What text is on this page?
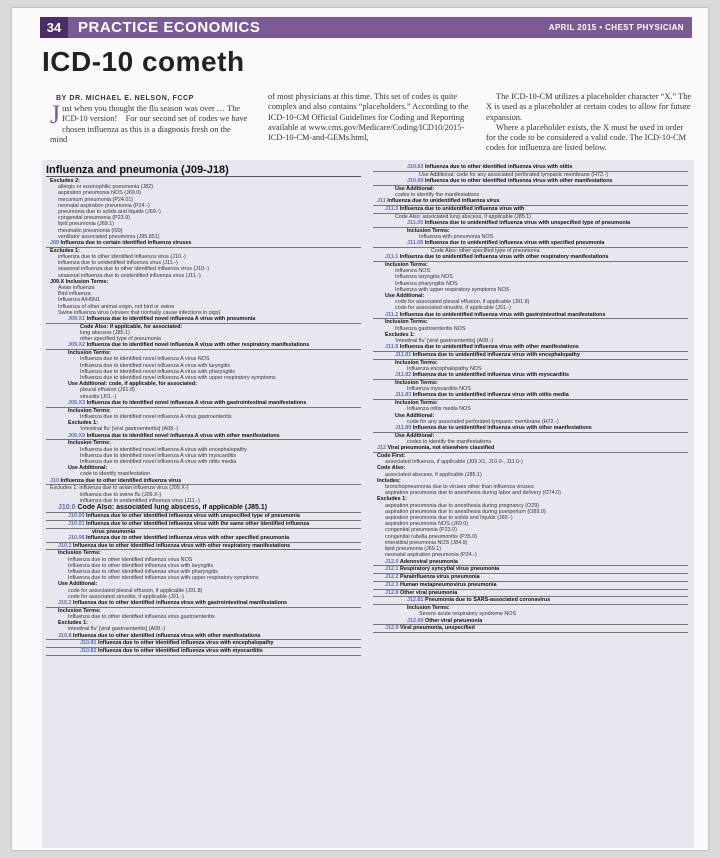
34	PRACTICE ECONOMICS	APRIL 2015 • CHEST PHYSICIAN
ICD-10 cometh
BY DR. MICHAEL E. NELSON, FCCP
J ust when you thought the flu season was over … The ICD-10 version! For our second set of codes we have chosen influenza as this is a diagnosis fresh on the mind

of most physicians at this time. This set of codes is quite complex and also contains “placeholders.” According to the ICD-10-CM Official Guidelines for Coding and Reporting available at www.cms.gov/Medicare/Coding/ICD10/2015-ICD-10-CM-and-GEMs.html,

The ICD-10-CM utilizes a placeholder character “X.” The X is used as a placeholder at certain codes to allow for future expansion.

Where a placeholder exists, the X must be used in order for the code to be considered a valid code. The ICD-10-CM codes for influenza are listed below.

Influenza and pneumonia (J09-J18)
Excludes 2:
allergic or eosinophilic pneumonia (J82)
aspiration pneumonia NOS (J69.0)
meconium pneumonia (P24.01)
neonatal aspiration pneumonia (P24.-)
pneumonia due to solids and liquids (J69.-)
congenital pneumonia (P23.9)
lipid pneumonia (J69.1)
rheumatic pneumonia (I00)
ventilator associated pneumonia (J95.851)
J09 Influenza due to certain identified influenza viruses
Excludes 1:
influenza due to other identified influenza virus (J10.-)
influenza due to unidentified influenza virus (J11.-)
seasonal influenza due to other identified influenza virus (J10.-)
seasonal influenza due to unidentified influenza virus (J11.-)
J09.X Inclusion Terms:
Avian influenza
Bird influenza
Influenza A/H5N1
Influenza of other animal origin, not bird or swine
Swine influenza virus (viruses that normally cause infections in pigs)
J09.X1 Influenza due to identified novel influenza A virus with pneumonia
Code Also: if applicable, for associated:
lung abscess (J85.1)
other specified type of pneumonia
J09.X2 Influenza due to identified novel influenza A virus with other respiratory manifestations
Inclusion Terms:
Influenza due to identified novel influenza A virus NOS
Influenza due to identified novel influenza A virus with laryngitis
Influenza due to identified novel influenza A virus with pharyngitis
Influenza due to identified novel influenza A virus with upper respiratory symptoms
Use Additional: code, if applicable, for associated:
pleural effusion (J91.8)
sinusitis (J01.-)
J09.X3 Influenza due to identified novel influenza A virus with gastrointestinal manifestations
Inclusion Terms:
Influenza due to identified novel influenza A virus gastroenteritis
Excludes 1:
'intestinal flu' [viral gastroenteritis] (A08.-)
J09.X9 Influenza due to identified novel influenza A virus with other manifestations
Inclusion Terms:
Influenza due to identified novel influenza A virus with encephalopathy
Influenza due to identified novel influenza A virus with myocarditis
Influenza due to identified novel influenza A virus with otitis media
Use Additional:
code to identify manifestation
J10 Influenza due to other identified influenza virus
Excludes 1: influenza due to avian influenza virus (J09.X-)
influenza due to swine flu (J09.X-)
influenza due to unidentified influenza virus (J11.-)
J10.0 Code Also: associated lung abscess, if applicable (J85.1)
J10.00 Influenza due to other identified influenza virus with unspecified type of pneumonia
J10.01 Influenza due to other identified influenza virus with the same other identified influenza
virus pneumonia
J10.08 Influenza due to other identified influenza virus with other specified pneumonia
J10.1 Influenza due to other identified influenza virus with other respiratory manifestations
Inclusion Terms:
Influenza due to other identified influenza virus NOS
Influenza due to other identified influenza virus with laryngitis
Influenza due to other identified influenza virus with pharyngitis
Influenza due to other identified influenza virus with upper respiratory symptoms
Use Additional:
code for associated pleural effusion, if applicable (J91.8)
code for associated sinusitis, if applicable (J01.-)
J10.2 Influenza due to other identified influenza virus with gastrointestinal manifestations
Inclusion Terms:
Influenza due to other identified influenza virus gastroenteritis
Excludes 1:
intestinal flu' [viral gastroenteritis] (A08.-)
J10.8 Influenza due to other identified influenza virus with other manifestations
J10.81 Influenza due to other identified influenza virus with encephalopathy
J10.82 Influenza due to other identified influenza virus with myocarditis
J10.83 Influenza due to other identified influenza virus with otitis
Use Additional: code for any associated perforated tympanic membrane (H72.-)
J10.89 Influenza due to other identified influenza virus with other manifestations
Use Additional:
codes to identify the manifestations
J11 Influenza due to unidentified influenza virus
J11.0 Influenza due to unidentified influenza virus with
Code Also: associated lung abscess, if applicable (J85.1)
J11.00 Influenza due to unidentified influenza virus with unspecified type of pneumonia
Inclusion Terms:
Influenza with pneumonia NOS
J11.08 Influenza due to unidentified influenza virus with specified pneumonia
Code Also: other specified type of pneumonia
J11.1 Influenza due to unidentified influenza virus with other respiratory manifestations
Inclusion Terms:
Influenza NOS
Influenza laryngitis NOS
Influenza pharyngitis NOS
Influenza with upper respiratory symptoms NOS
Use Additional:
code for associated pleural effusion, if applicable (J91.8)
code for associated sinusitis, if applicable (J01.-)
J11.2 Influenza due to unidentified influenza virus with gastrointestinal manifestations
Inclusion Terms:
Influenza gastroenteritis NOS
Excludes 1:
'intestinal flu' [viral gastroenteritis] (A08.-)
J11.8 Influenza due to unidentified influenza virus with other manifestations
J11.81 Influenza due to unidentified influenza virus with encephalopathy
Inclusion Terms:
Influenza encephalopathy NOS
J11.82 Influenza due to unidentified influenza virus with myocarditis
Inclusion Terms:
Influenza myocarditis NOS
J11.83 Influenza due to unidentified influenza virus with otitis media
Inclusion Terms:
Influenza otitis media NOS
Use Additional:
code for any associated perforated tympanic membrane (H72.-)
J11.89 Influenza due to unidentified influenza virus with other manifestations
Use Additional:
codes to identify the manifestations
J12 Viral pneumonia, not elsewhere classified
Code First:
associated influenza, if applicable (J09.X1, J10.0-, J11.0-)
Code Also:
associated abscess, if applicable (J85.1)
Includes:
bronchopneumonia due to viruses other than influenza viruses
aspiration pneumonia due to anesthesia during labor and delivery (O74.0)
Excludes 1:
aspiration pneumonia due to anesthesia during pregnancy (O29)
aspiration pneumonia due to anesthesia during puerperium (O89.0)
aspiration pneumonia due to solids and liquids (J69.-)
aspiration pneumonia NOS (J69.0)
congenital pneumonia (P23.0)
congenital rubella pneumonitis (P35.0)
interstitial pneumonia NOS (J84.9)
lipid pneumonia (J69.1)
neonatal aspiration pneumonia (P24.-)
J12.0 Adenoviral pneumonia
J12.1 Respiratory syncytial virus pneumonia
J12.2 Parainfluenza virus pneumonia
J12.3 Human metapneumovirus pneumonia
J12.8 Other viral pneumonia
J12.81 Pneumonia due to SARS-associated coronavirus
Inclusion Terms:
Severe acute respiratory syndrome NOS
J12.89 Other viral pneumonia
J12.9 Viral pneumonia, unspecified
